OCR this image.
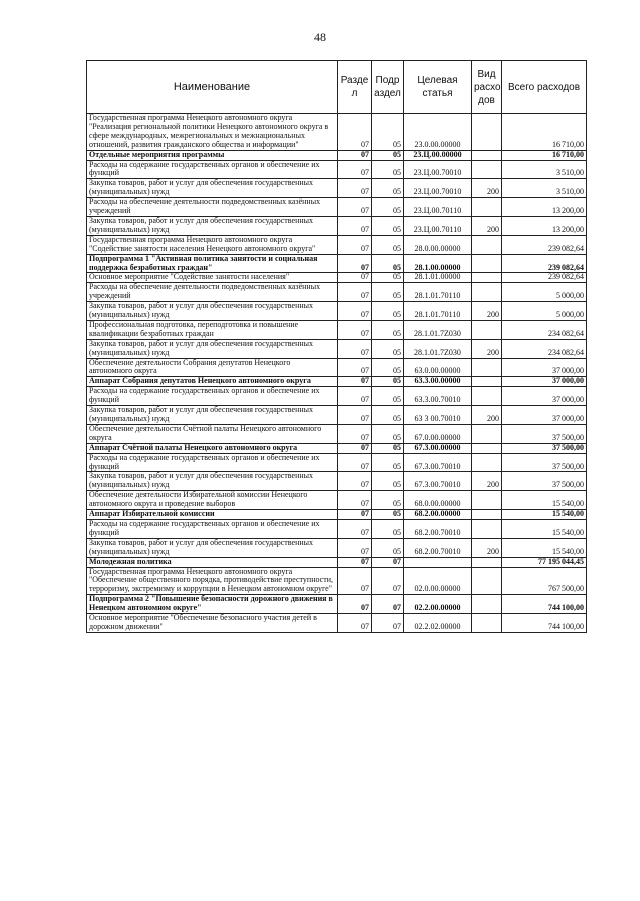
48
Наименование	Разде л	Подр аздел	Целевая статья	Вид расхо дов	Всего расходов
Государственная программа Ненецкого автономного округа "Реализация региональной политики Ненецкого автономного округа в сфере международных, межрегиональных и межнациональных отношений, развития гражданского общества и информации"	07	05	23.0.00.00000		16 710,00
Отдельные мероприятия программы	07	05	23.Ц.00.00000		16 710,00
Расходы на содержание государственных органов и обеспечение их функций	07	05	23.Ц.00.70010		3 510,00
Закупка товаров, работ и услуг для обеспечения государственных (муниципальных) нужд	07	05	23.Ц.00.70010	200	3 510,00
Расходы на обеспечение деятельности подведомственных казённых учреждений	07	05	23.Ц.00.70110		13 200,00
Закупка товаров, работ и услуг для обеспечения государственных (муниципальных) нужд	07	05	23.Ц.00.70110	200	13 200,00
Государственная программа Ненецкого автономного округа "Содействие занятости населения Ненецкого автономного округа"	07	05	28.0.00.00000		239 082,64
Подпрограмма 1 "Активная политика занятости и социальная поддержка безработных граждан"	07	05	28.1.00.00000		239 082,64
Основное мероприятие "Содействие занятости населения"	07	05	28.1.01.00000		239 082,64
Расходы на обеспечение деятельности подведомственных казённых учреждений	07	05	28.1.01.70110		5 000,00
Закупка товаров, работ и услуг для обеспечения государственных (муниципальных) нужд	07	05	28.1.01.70110	200	5 000,00
Профессиональная подготовка, переподготовка и повышение квалификации безработных граждан	07	05	28.1.01.7Z030		234 082,64
Закупка товаров, работ и услуг для обеспечения государственных (муниципальных) нужд	07	05	28.1.01.7Z030	200	234 082,64
Обеспечение деятельности Собрания депутатов Ненецкого автономного округа	07	05	63.0.00.00000		37 000,00
Аппарат Собрания депутатов Ненецкого автономного округа	07	05	63.3.00.00000		37 000,00
Расходы на содержание государственных органов и обеспечение их функций	07	05	63.3.00.70010		37 000,00
Закупка товаров, работ и услуг для обеспечения государственных (муниципальных) нужд	07	05	63 3 00.70010	200	37 000,00
Обеспечение деятельности Счётной палаты Ненецкого автономного округа	07	05	67.0.00.00000		37 500,00
Аппарат Счётной палаты Ненецкого автономного округа	07	05	67.3.00.00000		37 500,00
Расходы на содержание государственных органов и обеспечение их функций	07	05	67.3.00.70010		37 500,00
Закупка товаров, работ и услуг для обеспечения государственных (муниципальных) нужд	07	05	67.3.00.70010	200	37 500,00
Обеспечение деятельности Избирательной комиссии Ненецкого автономного округа и проведение выборов	07	05	68.0.00.00000		15 540,00
Аппарат Избирательной комиссии	07	05	68.2.00.00000		15 540,00
Расходы на содержание государственных органов и обеспечение их функций	07	05	68.2.00.70010		15 540,00
Закупка товаров, работ и услуг для обеспечения государственных (муниципальных) нужд	07	05	68.2.00.70010	200	15 540,00
Молодежная политика	07	07			77 195 044,45
Государственная программа Ненецкого автономного округа "Обеспечение общественного порядка, противодействие преступности, терроризму, экстремизму и коррупции в Ненецком автономном округе"	07	07	02.0.00.00000		767 500,00
Подпрограмма 2 "Повышение безопасности дорожного движения в Ненецком автономном округе"	07	07	02.2.00.00000		744 100,00
Основное мероприятие "Обеспечение безопасного участия детей в дорожном движении"	07	07	02.2.02.00000		744 100,00
